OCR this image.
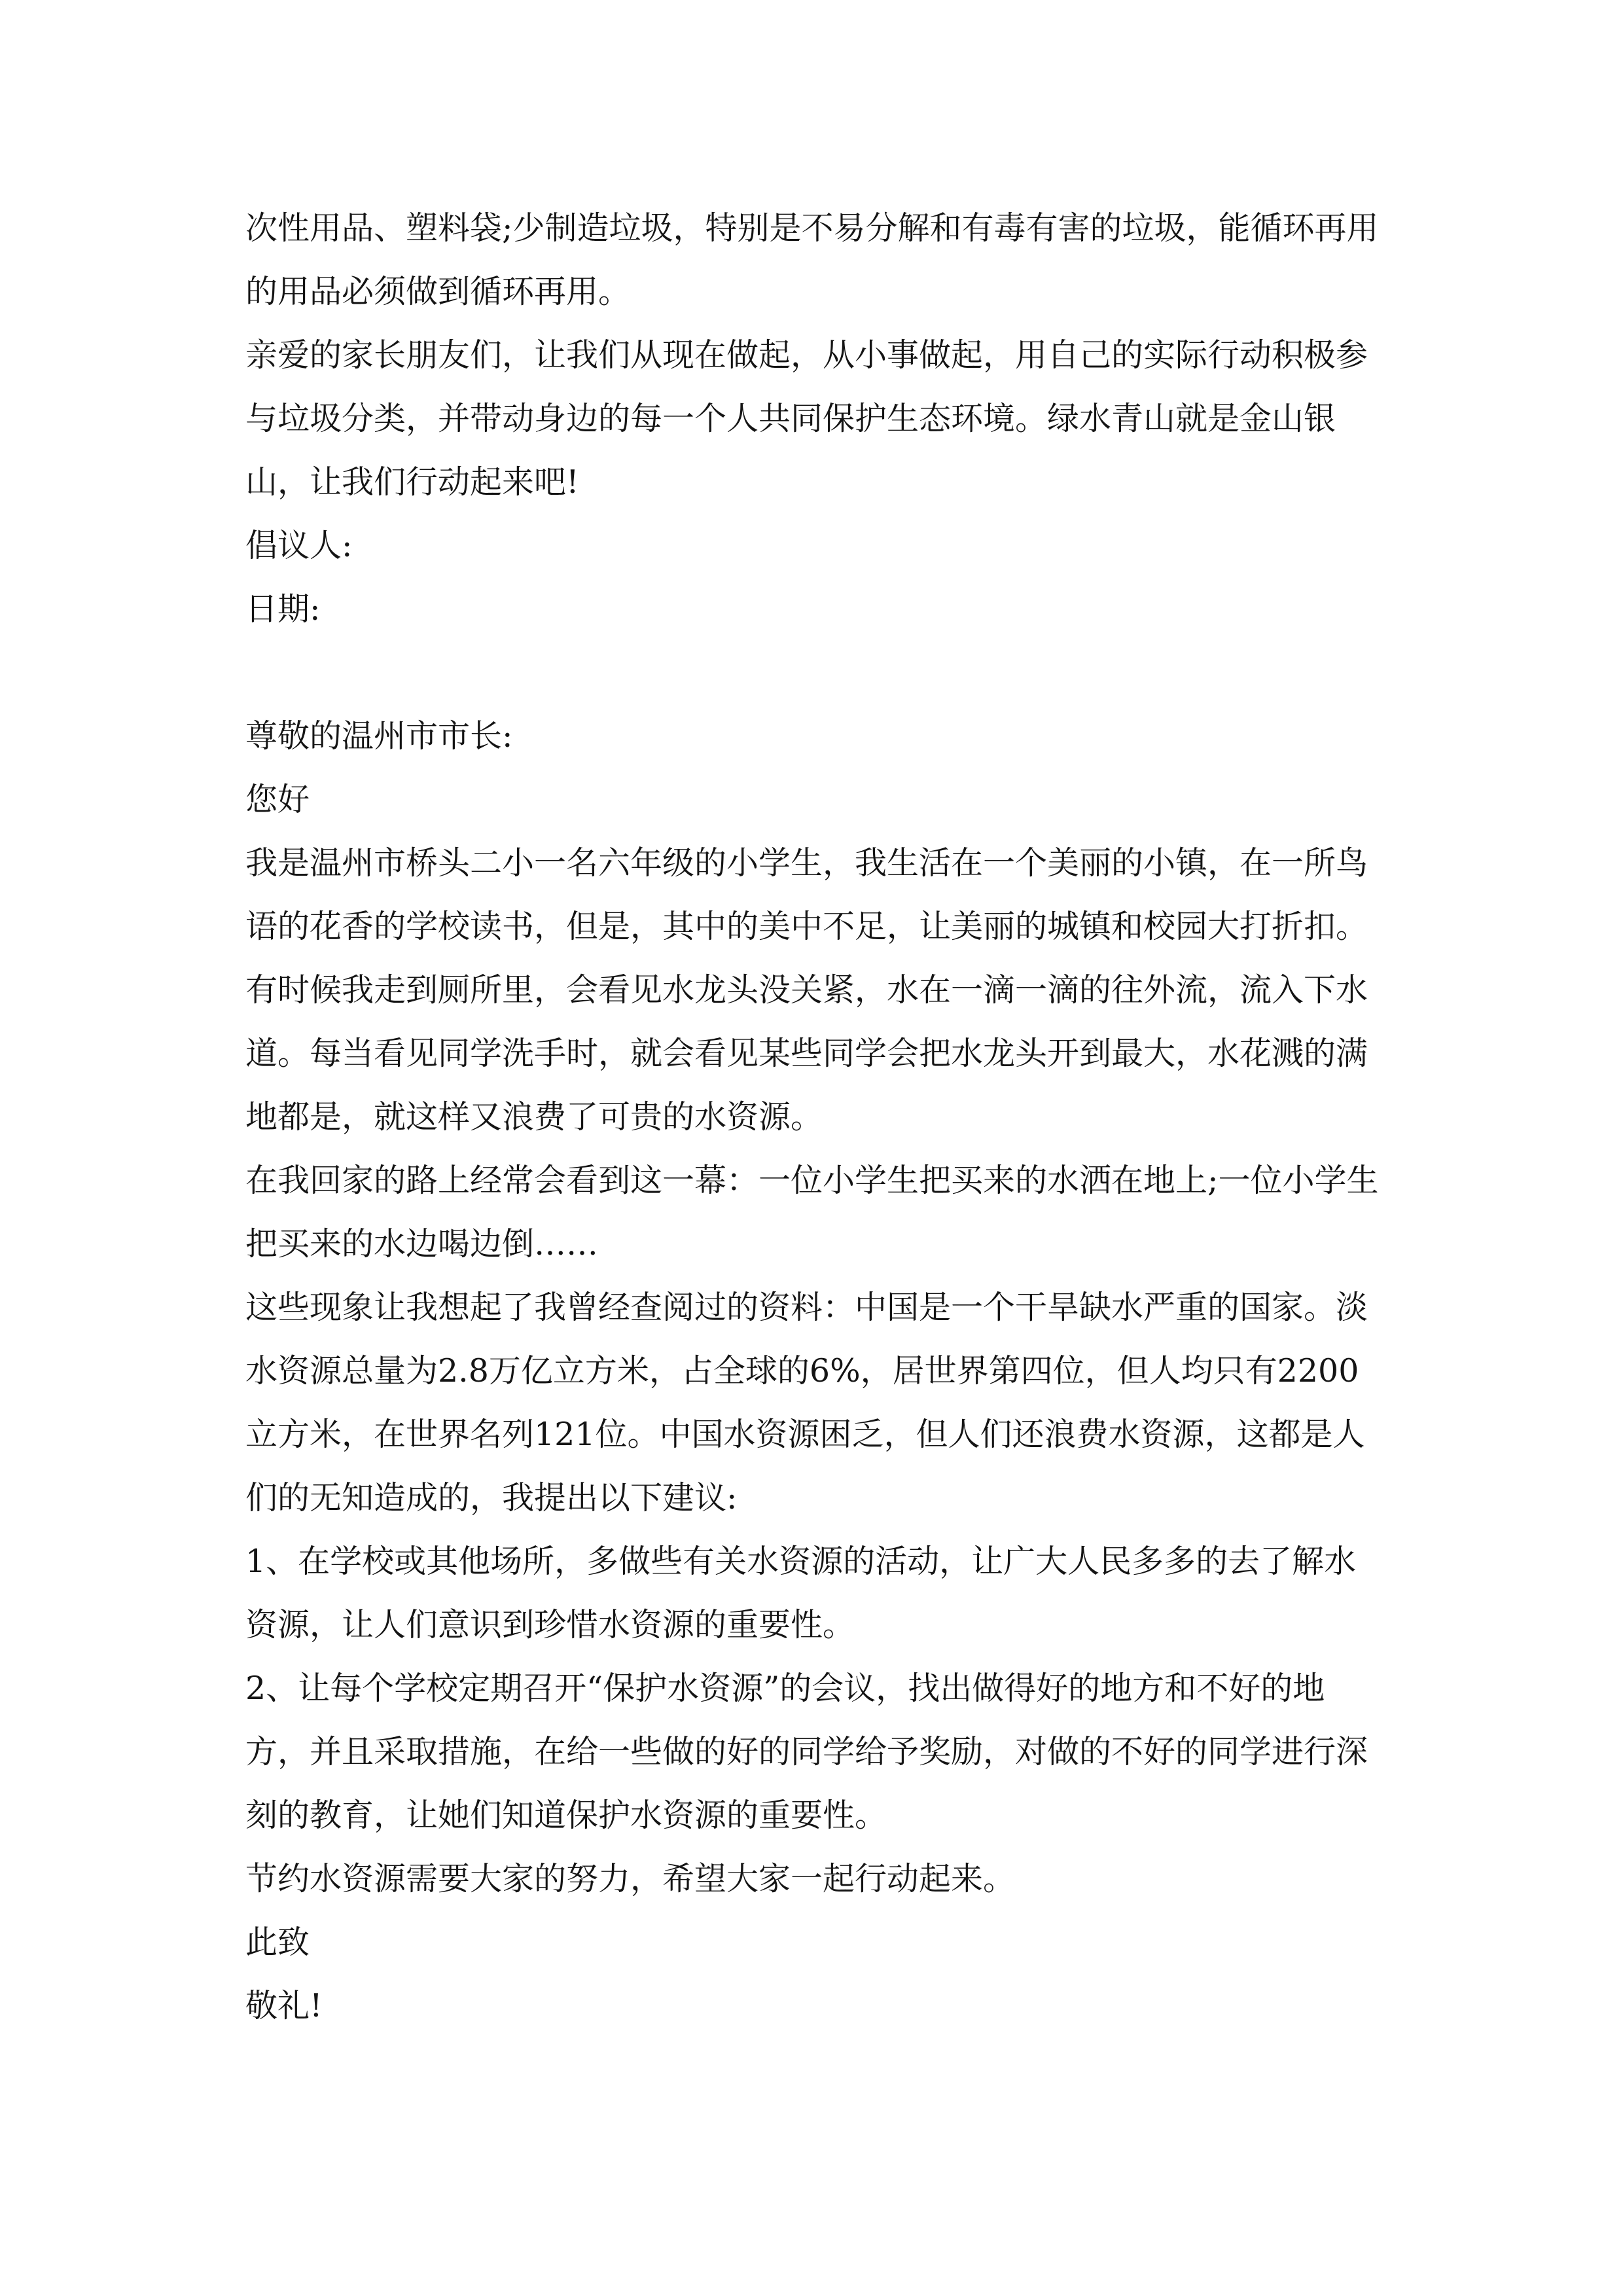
次性用品、塑料袋;少制造垃圾，特别是不易分解和有毒有害的垃圾，能循环再用的用品必须做到循环再用。

亲爱的家长朋友们，让我们从现在做起，从小事做起，用自己的实际行动积极参与垃圾分类，并带动身边的每一个人共同保护生态环境。绿水青山就是金山银山，让我们行动起来吧!

倡议人:

日期:

尊敬的温州市市长:

您好

我是温州市桥头二小一名六年级的小学生，我生活在一个美丽的小镇，在一所鸟语的花香的学校读书，但是，其中的美中不足，让美丽的城镇和校园大打折扣。有时候我走到厕所里，会看见水龙头没关紧，水在一滴一滴的往外流，流入下水道。每当看见同学洗手时，就会看见某些同学会把水龙头开到最大，水花溅的满地都是，就这样又浪费了可贵的水资源。

在我回家的路上经常会看到这一幕：一位小学生把买来的水洒在地上;一位小学生把买来的水边喝边倒……

这些现象让我想起了我曾经查阅过的资料：中国是一个干旱缺水严重的国家。淡水资源总量为2.8万亿立方米，占全球的6%，居世界第四位，但人均只有2200立方米，在世界名列121位。中国水资源困乏，但人们还浪费水资源，这都是人们的无知造成的，我提出以下建议:

1、在学校或其他场所，多做些有关水资源的活动，让广大人民多多的去了解水资源，让人们意识到珍惜水资源的重要性。

2、让每个学校定期召开“保护水资源”的会议，找出做得好的地方和不好的地方，并且采取措施，在给一些做的好的同学给予奖励，对做的不好的同学进行深刻的教育，让她们知道保护水资源的重要性。

节约水资源需要大家的努力，希望大家一起行动起来。

此致

敬礼!
